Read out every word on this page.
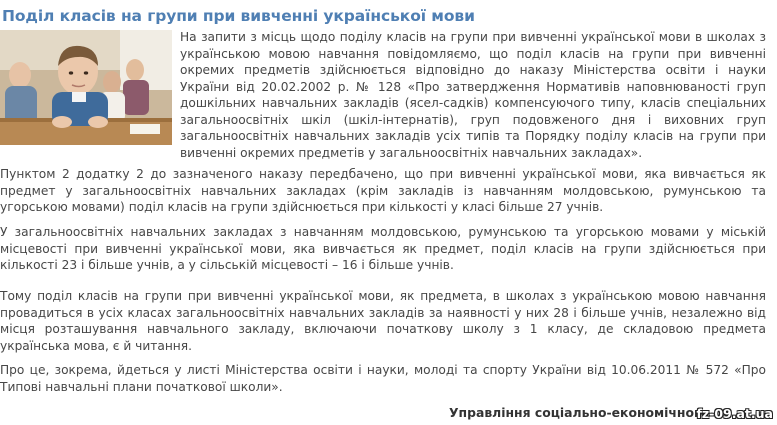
Поділ класів на групи при вивченні української мови

На запити з місць щодо поділу класів на групи при вивченні української мови в школах з українською мовою навчання повідомляємо, що поділ класів на групи при вивченні окремих предметів здійснюється відповідно до наказу Міністерства освіти і науки України від 20.02.2002 р. № 128 «Про затвердження Нормативів наповнюваності груп дошкільних навчальних закладів (ясел-садків) компенсуючого типу, класів спеціальних загальноосвітніх шкіл (шкіл-інтернатів), груп подовженого дня і виховних груп загальноосвітніх навчальних закладів усіх типів та Порядку поділу класів на групи при вивченні окремих предметів у загальноосвітніх навчальних закладах».

Пунктом 2 додатку 2 до зазначеного наказу передбачено, що при вивченні української мови, яка вивчається як предмет у загальноосвітніх навчальних закладах (крім закладів із навчанням молдовською, румунською та угорською мовами) поділ класів на групи здійснюється при кількості у класі більше 27 учнів.

У загальноосвітніх навчальних закладах з навчанням молдовською, румунською та угорською мовами у міській місцевості при вивченні української мови, яка вивчається як предмет, поділ класів на групи здійснюється при кількості 23 і більше учнів, а у сільській місцевості – 16 і більше учнів.

Тому поділ класів на групи при вивченні української мови, як предмета, в школах з українською мовою навчання провадиться в усіх класах загальноосвітніх навчальних закладів за наявності у них 28 і більше учнів, незалежно від місця розташування навчального закладу, включаючи початкову школу з 1 класу, де складовою предмета українська мова, є й читання.

Про це, зокрема, йдеться у листі Міністерства освіти і науки, молоді та спорту України від 10.06.2011 № 572 «Про Типові навчальні плани початкової школи».

Управління соціально-економічного

fz-09.at.ua
